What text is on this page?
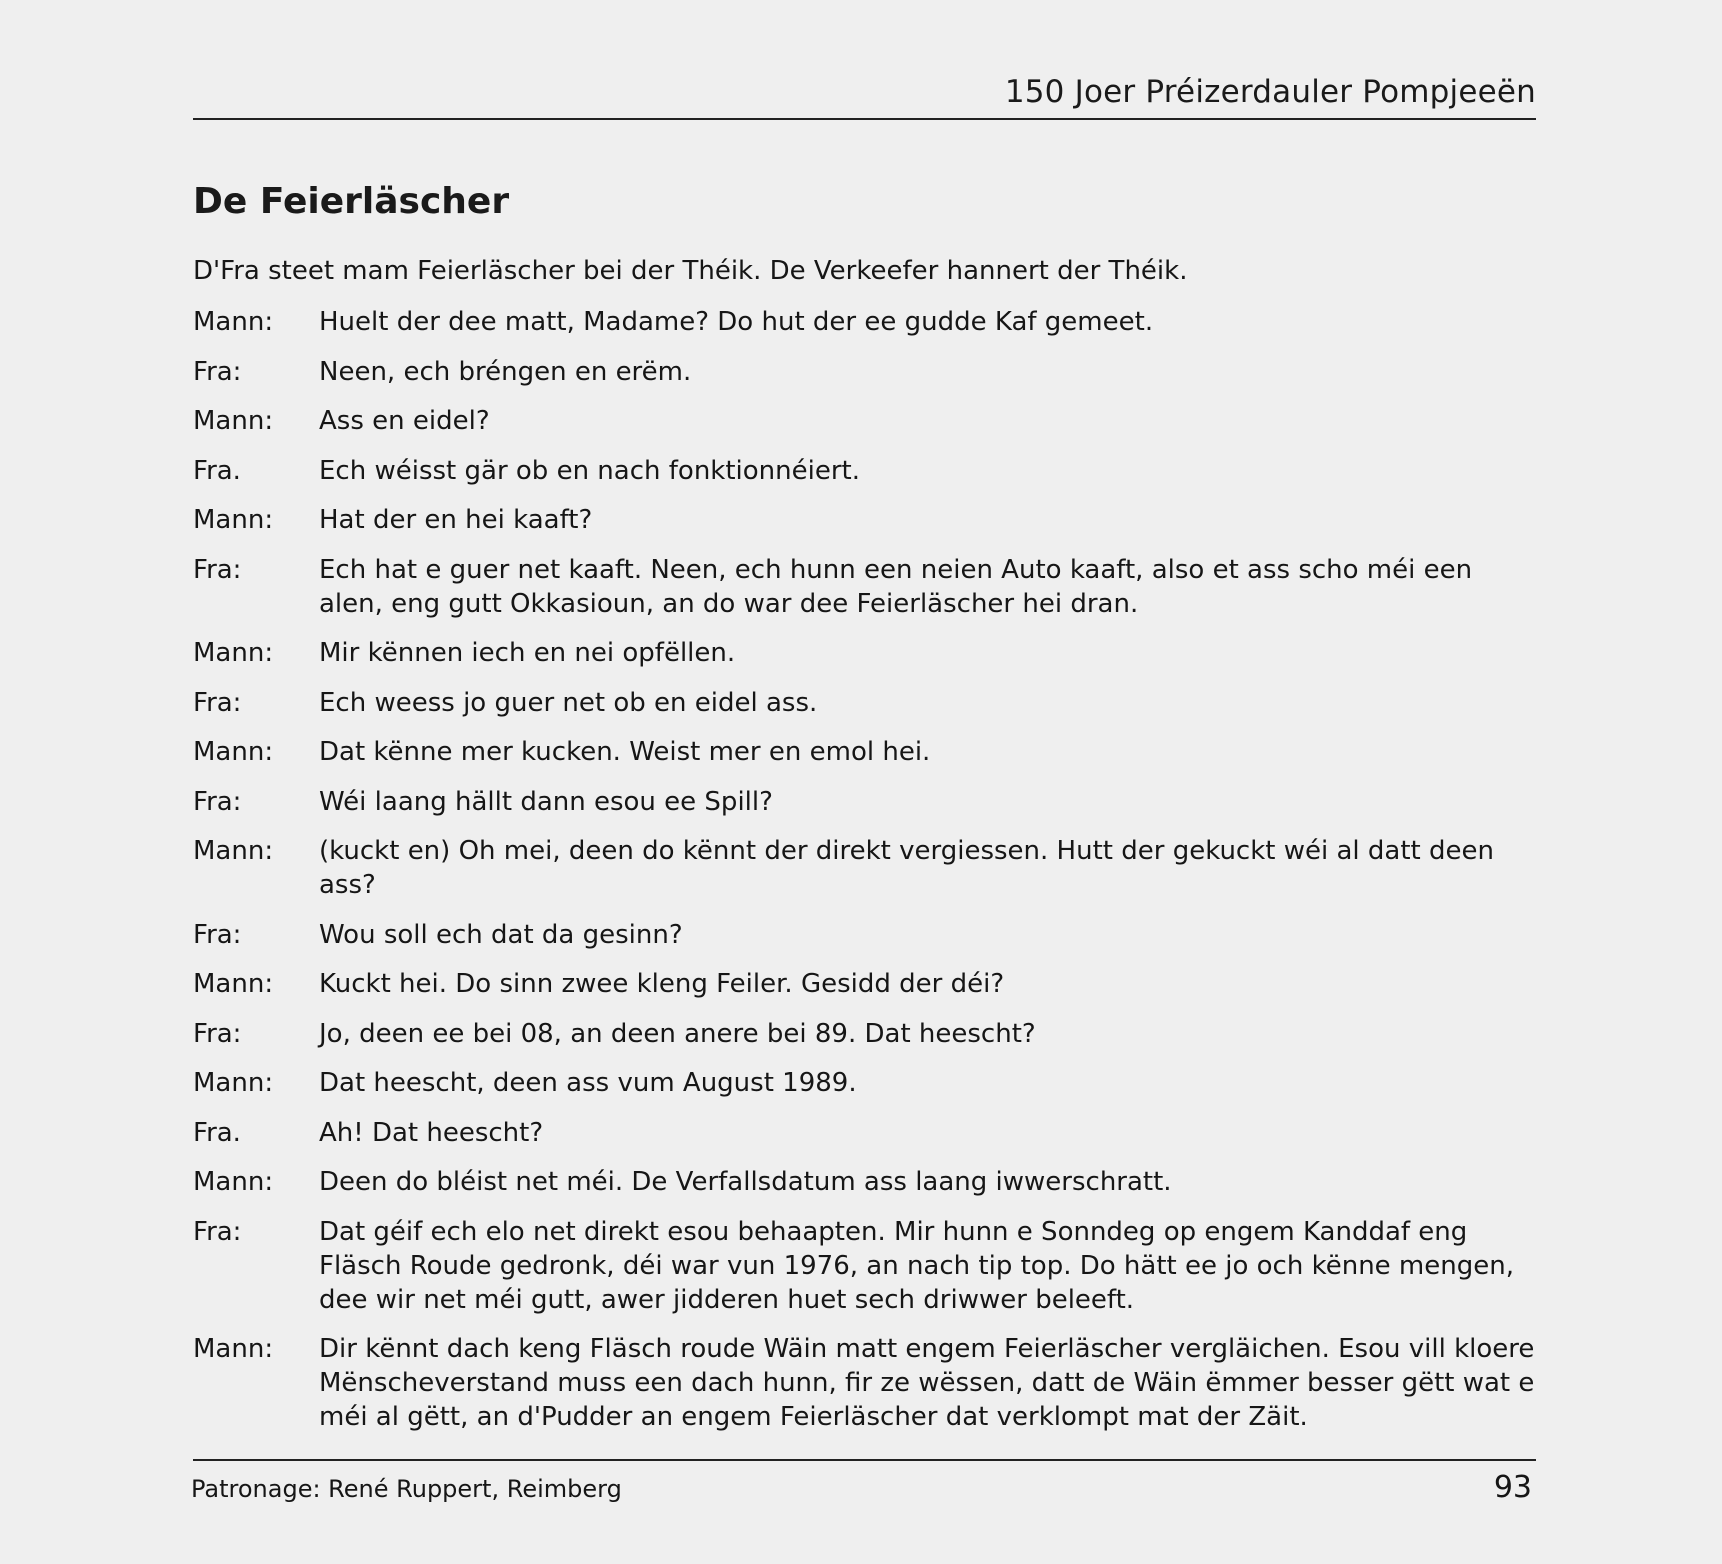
150 Joer Préizerdauler Pompjeeën
De Feierläscher
D'Fra steet mam Feierläscher bei der Théik. De Verkeefer hannert der Théik.
Mann:	Huelt der dee matt, Madame? Do hut der ee gudde Kaf gemeet.
Fra:	Neen, ech bréngen en erëm.
Mann:	Ass en eidel?
Fra.	Ech wéisst gär ob en nach fonktionnéiert.
Mann:	Hat der en hei kaaft?
Fra:	Ech hat e guer net kaaft. Neen, ech hunn een neien Auto kaaft, also et ass scho méi een alen, eng gutt Okkasioun, an do war dee Feierläscher hei dran.
Mann:	Mir kënnen iech en nei opfëllen.
Fra:	Ech weess jo guer net ob en eidel ass.
Mann:	Dat kënne mer kucken. Weist mer en emol hei.
Fra:	Wéi laang hällt dann esou ee Spill?
Mann:	(kuckt en) Oh mei, deen do kënnt der direkt vergiessen. Hutt der gekuckt wéi al datt deen ass?
Fra:	Wou soll ech dat da gesinn?
Mann:	Kuckt hei. Do sinn zwee kleng Feiler. Gesidd der déi?
Fra:	Jo, deen ee bei 08, an deen anere bei 89. Dat heescht?
Mann:	Dat heescht, deen ass vum August 1989.
Fra.	Ah! Dat heescht?
Mann:	Deen do bléist net méi. De Verfallsdatum ass laang iwwerschratt.
Fra:	Dat géif ech elo net direkt esou behaapten. Mir hunn e Sonndeg op engem Kanddaf eng Fläsch Roude gedronk, déi war vun 1976, an nach tip top. Do hätt ee jo och kënne mengen, dee wir net méi gutt, awer jidderen huet sech driwwer beleeft.
Mann:	Dir kënnt dach keng Fläsch roude Wäin matt engem Feierläscher vergläichen. Esou vill kloere Mënscheverstand muss een dach hunn, fir ze wëssen, datt de Wäin ëmmer besser gëtt wat e méi al gëtt, an d'Pudder an engem Feierläscher dat verklompt mat der Zäit.
Patronage: René Ruppert, Reimberg	93
